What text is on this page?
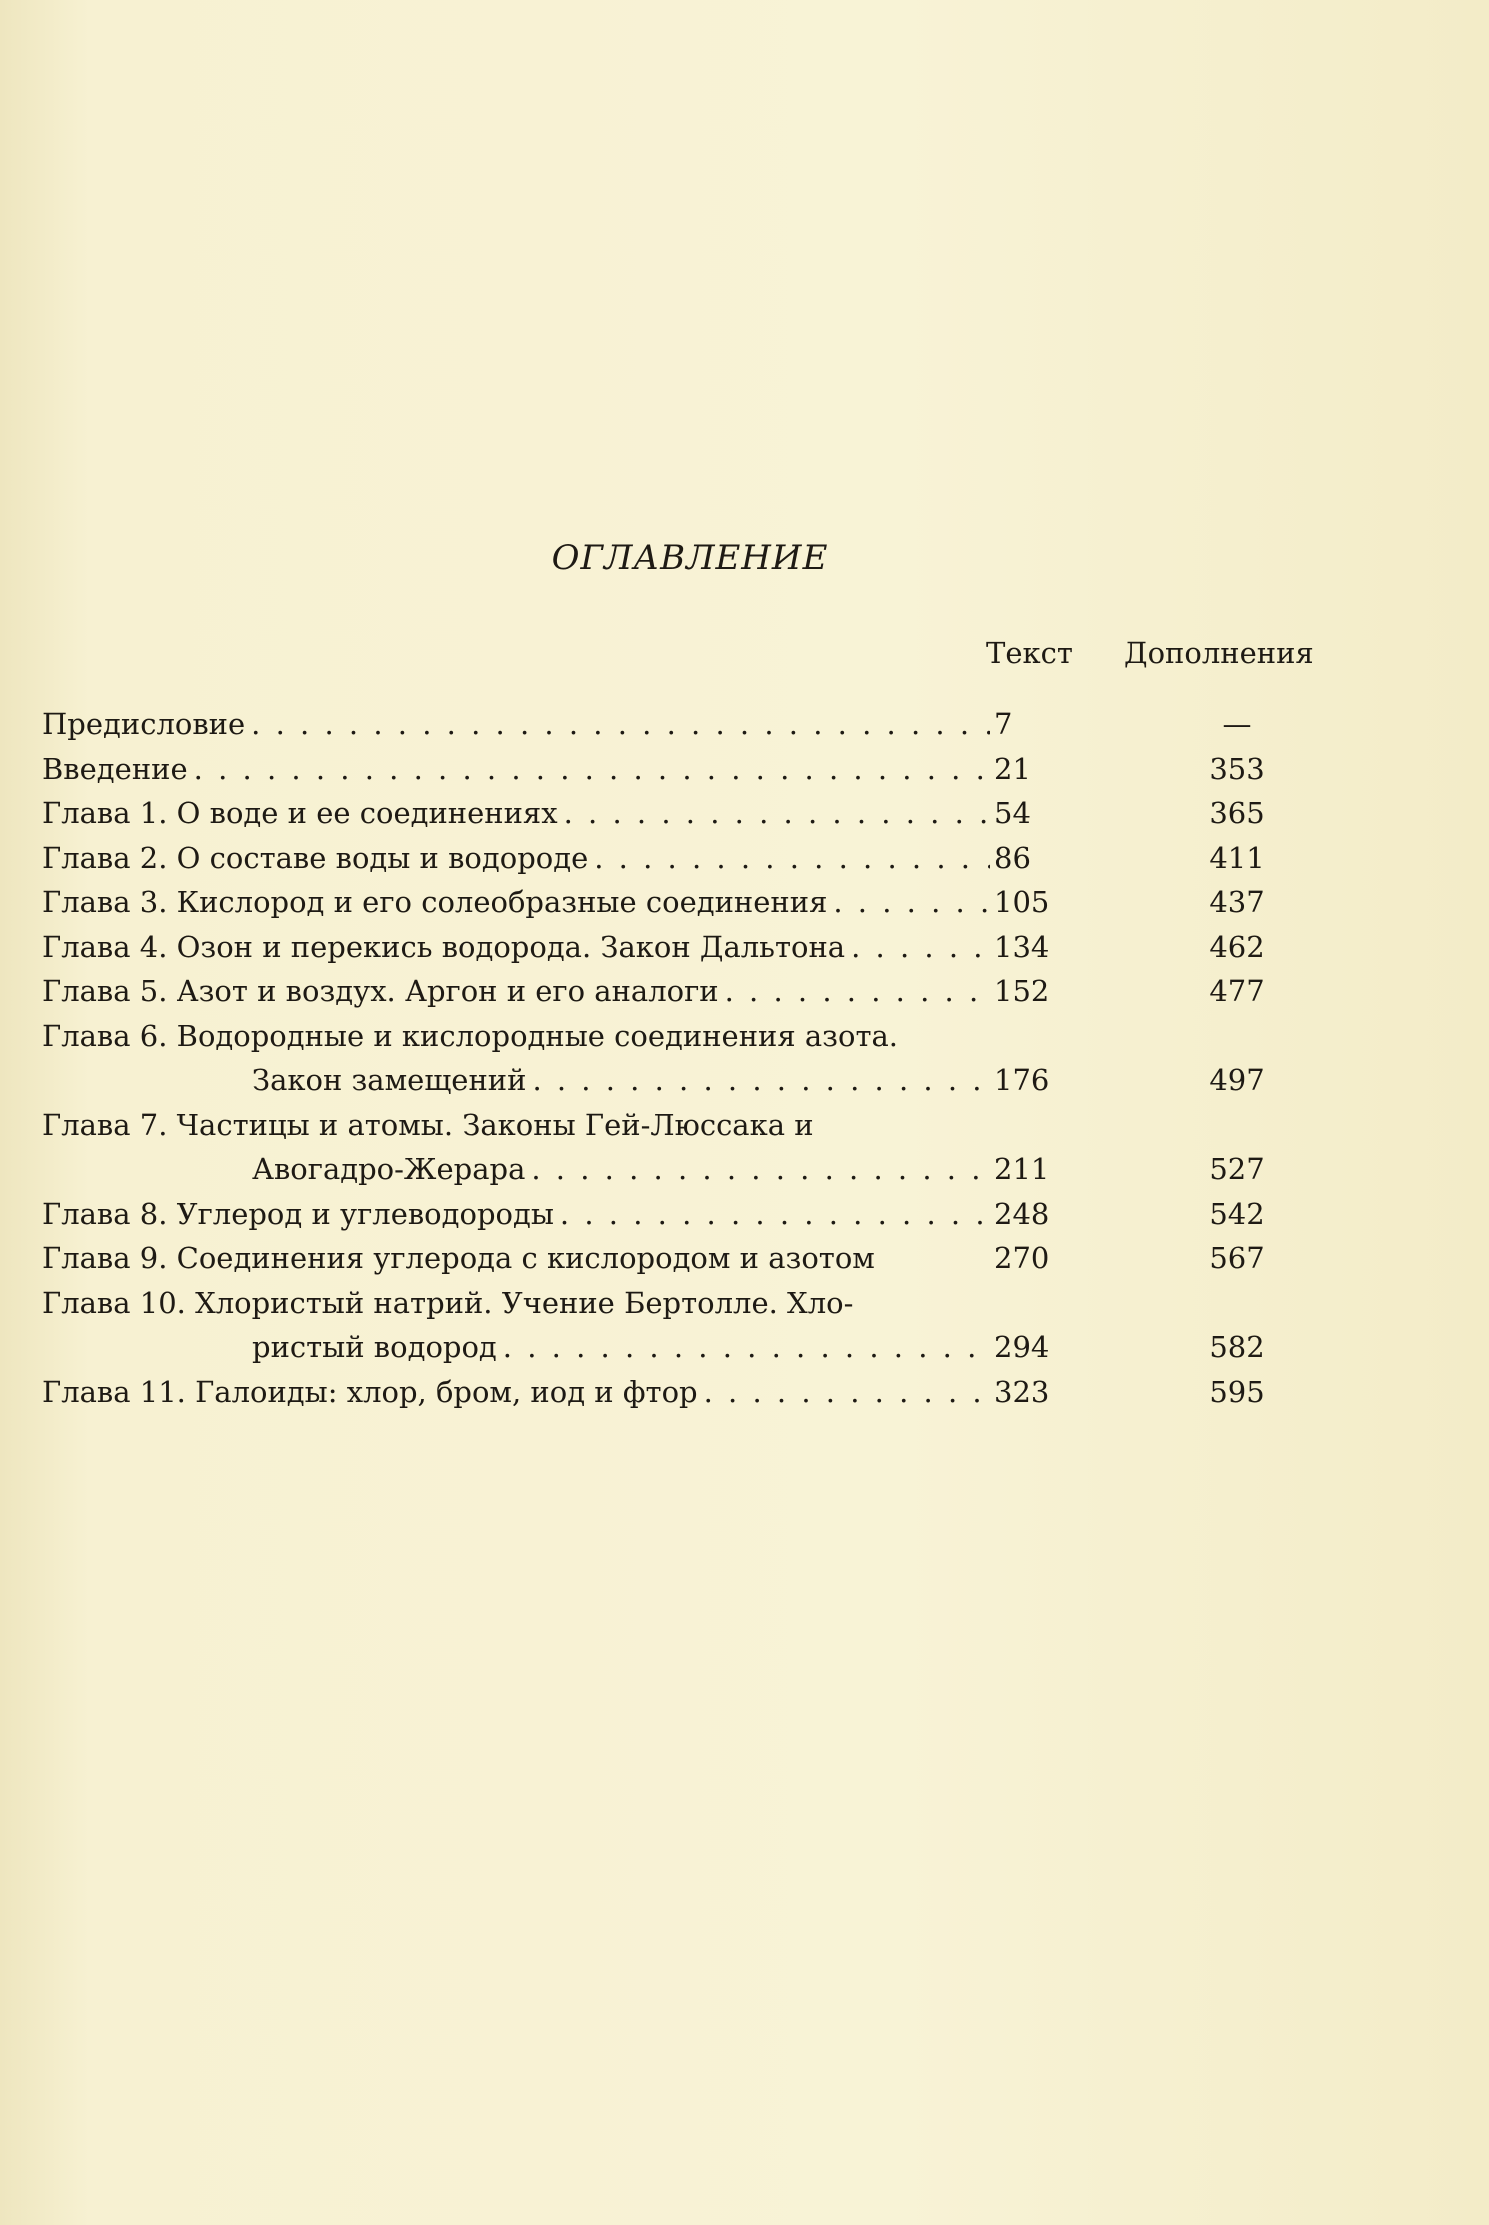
ОГЛАВЛЕНИЕ
Текст Дополнения
Предисловие . . .	7	—
Введение . . .	21	353
Глава 1. О воде и ее соединениях . . .	54	365
Глава 2. О составе воды и водороде . . .	86	411
Глава 3. Кислород и его солеобразные соединения . . .	105	437
Глава 4. Озон и перекись водорода. Закон Дальтона . . .	134	462
Глава 5. Азот и воздух. Аргон и его аналоги . . .	152	477
Глава 6. Водородные и кислородные соединения азота.
Закон замещений . . .	176	497
Глава 7. Частицы и атомы. Законы Гей-Люссака и
Авогадро-Жерара . . .	211	527
Глава 8. Углерод и углеводороды . . .	248	542
Глава 9. Соединения углерода с кислородом и азотом	270	567
Глава 10. Хлористый натрий. Учение Бертолле. Хло-
ристый водород . . .	294	582
Глава 11. Галоиды: хлор, бром, иод и фтор . . .	323	595
